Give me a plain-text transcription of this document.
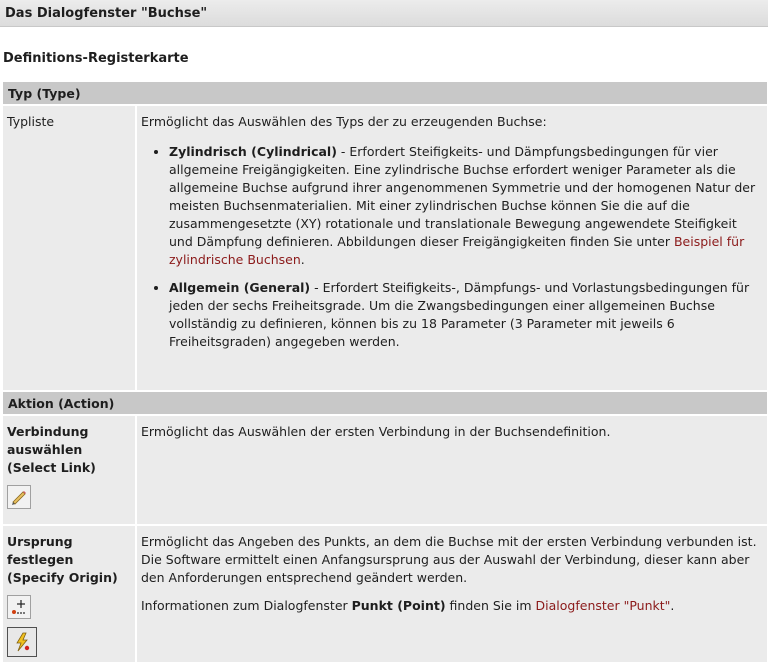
Das Dialogfenster "Buchse"
Definitions-Registerkarte
Typ (Type)
Typliste	Ermöglicht das Auswählen des Typs der zu erzeugenden Buchse:
• Zylindrisch (Cylindrical) - Erfordert Steifigkeits- und Dämpfungsbedingungen für vier allgemeine Freigängigkeiten. Eine zylindrische Buchse erfordert weniger Parameter als die allgemeine Buchse aufgrund ihrer angenommenen Symmetrie und der homogenen Natur der meisten Buchsenmaterialien. Mit einer zylindrischen Buchse können Sie die auf die zusammengesetzte (XY) rotationale und translationale Bewegung angewendete Steifigkeit und Dämpfung definieren. Abbildungen dieser Freigängigkeiten finden Sie unter Beispiel für zylindrische Buchsen.
• Allgemein (General) - Erfordert Steifigkeits-, Dämpfungs- und Vorlastungsbedingungen für jeden der sechs Freiheitsgrade. Um die Zwangsbedingungen einer allgemeinen Buchse vollständig zu definieren, können bis zu 18 Parameter (3 Parameter mit jeweils 6 Freiheitsgraden) angegeben werden.
Aktion (Action)
Verbindung auswählen (Select Link)
Ermöglicht das Auswählen der ersten Verbindung in der Buchsendefinition.
Ursprung festlegen (Specify Origin)

Ermöglicht das Angeben des Punkts, an dem die Buchse mit der ersten Verbindung verbunden ist. Die Software ermittelt einen Anfangsursprung aus der Auswahl der Verbindung, dieser kann aber den Anforderungen entsprechend geändert werden.

Informationen zum Dialogfenster Punkt (Point) finden Sie im Dialogfenster "Punkt".
